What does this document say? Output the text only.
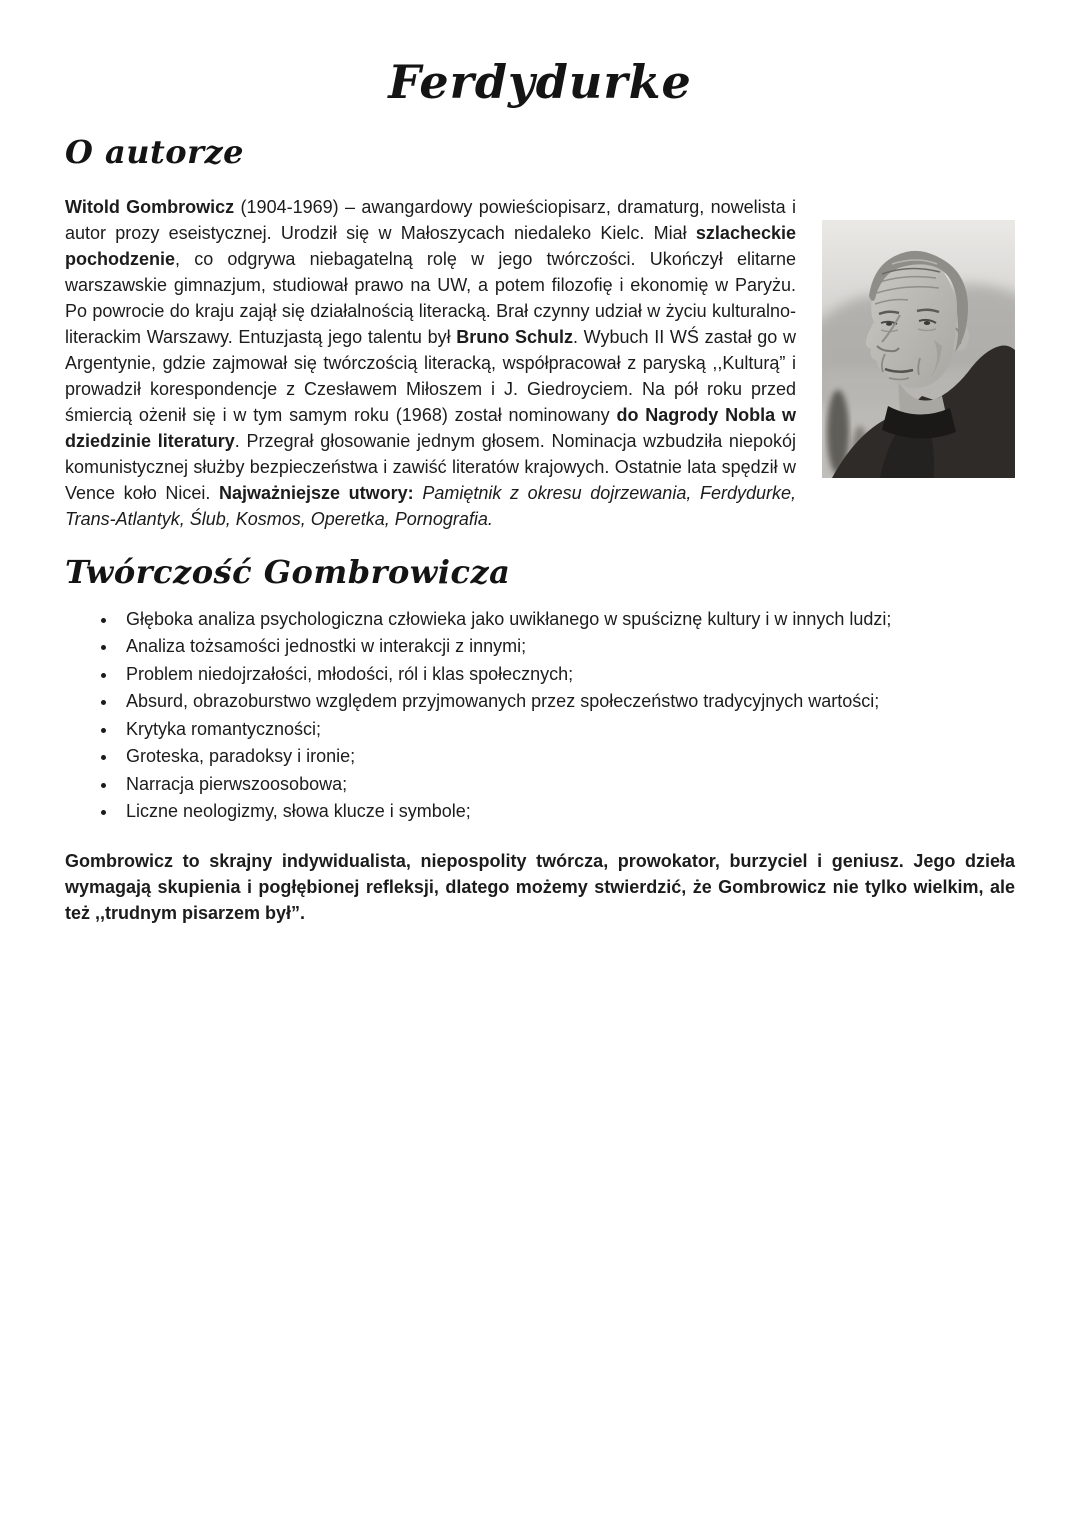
Ferdydurke
O autorze

Witold Gombrowicz (1904-1969) – awangardowy powieściopisarz, dramaturg, nowelista i autor prozy eseistycznej. Urodził się w Małoszycach niedaleko Kielc. Miał szlacheckie pochodzenie, co odgrywa niebagatelną rolę w jego twórczości. Ukończył elitarne warszawskie gimnazjum, studiował prawo na UW, a potem filozofię i ekonomię w Paryżu. Po powrocie do kraju zajął się działalnością literacką. Brał czynny udział w życiu kulturalno-literackim Warszawy. Entuzjastą jego talentu był Bruno Schulz. Wybuch II WŚ zastał go w Argentynie, gdzie zajmował się twórczością literacką, współpracował z paryską ,,Kulturą” i prowadził korespondencje z Czesławem Miłoszem i J. Giedroyciem. Na pół roku przed śmiercią ożenił się i w tym samym roku (1968) został nominowany do Nagrody Nobla w dziedzinie literatury. Przegrał głosowanie jednym głosem. Nominacja wzbudziła niepokój komunistycznej służby bezpieczeństwa i zawiść literatów krajowych. Ostatnie lata spędził w Vence koło Nicei. Najważniejsze utwory: Pamiętnik z okresu dojrzewania, Ferdydurke, Trans-Atlantyk, Ślub, Kosmos, Operetka, Pornografia.

Twórczość Gombrowicza
• Głęboka analiza psychologiczna człowieka jako uwikłanego w spuściznę kultury i w innych ludzi;
• Analiza tożsamości jednostki w interakcji z innymi;
• Problem niedojrzałości, młodości, ról i klas społecznych;
• Absurd, obrazoburstwo względem przyjmowanych przez społeczeństwo tradycyjnych wartości;
• Krytyka romantyczności;
• Groteska, paradoksy i ironie;
• Narracja pierwszoosobowa;
• Liczne neologizmy, słowa klucze i symbole;

Gombrowicz to skrajny indywidualista, niepospolity twórcza, prowokator, burzyciel i geniusz. Jego dzieła wymagają skupienia i pogłębionej refleksji, dlatego możemy stwierdzić, że Gombrowicz nie tylko wielkim, ale też ,,trudnym pisarzem był”.
